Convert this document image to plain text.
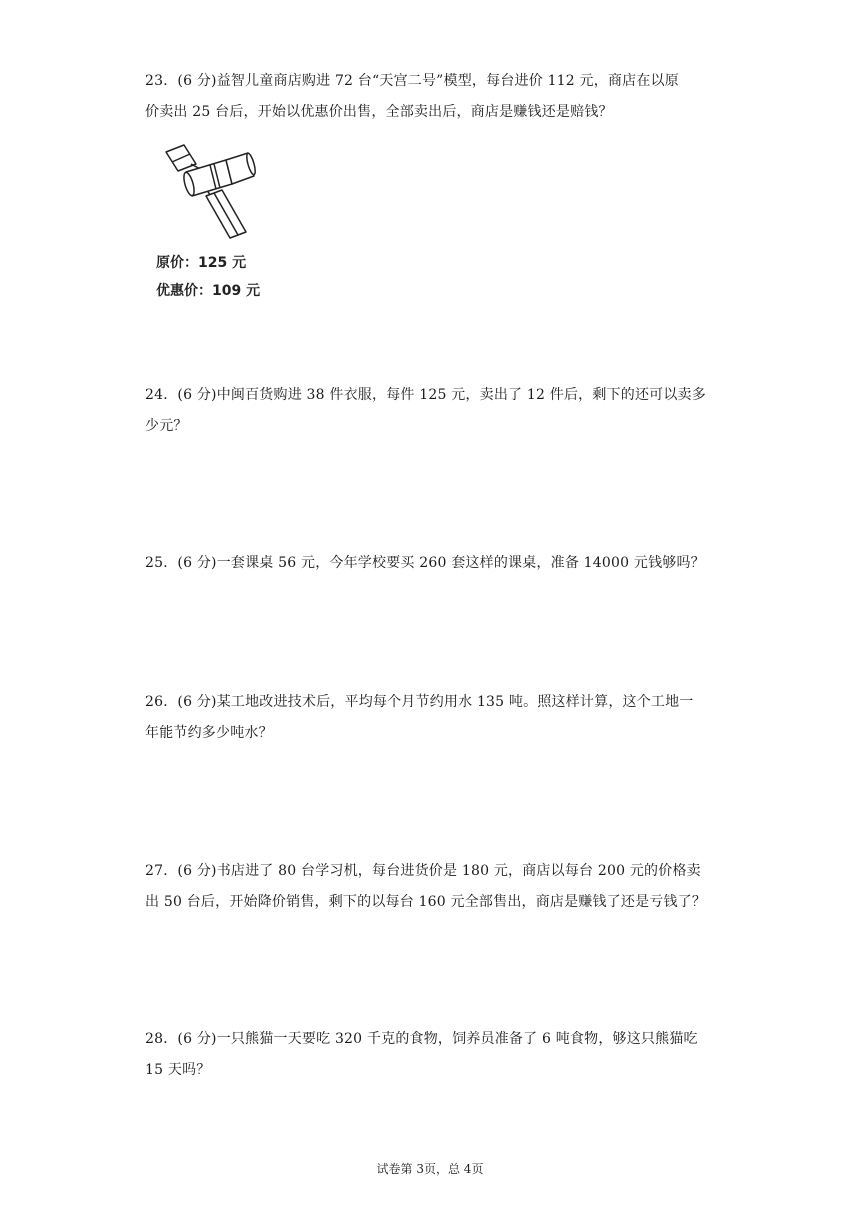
23．(6 分)益智儿童商店购进 72 台“天宫二号”模型，每台进价 112 元，商店在以原

价卖出 25 台后，开始以优惠价出售，全部卖出后，商店是赚钱还是赔钱？

原价：125 元
优惠价：109 元

24．(6 分)中闽百货购进 38 件衣服，每件 125 元，卖出了 12 件后，剩下的还可以卖多

少元？

25．(6 分)一套课桌 56 元，今年学校要买 260 套这样的课桌，准备 14000 元钱够吗？

26．(6 分)某工地改进技术后，平均每个月节约用水 135 吨。照这样计算，这个工地一

年能节约多少吨水？

27．(6 分)书店进了 80 台学习机，每台进货价是 180 元，商店以每台 200 元的价格卖

出 50 台后，开始降价销售，剩下的以每台 160 元全部售出，商店是赚钱了还是亏钱了？

28．(6 分)一只熊猫一天要吃 320 千克的食物，饲养员准备了 6 吨食物，够这只熊猫吃

15 天吗？

试卷第 3页，总 4页
